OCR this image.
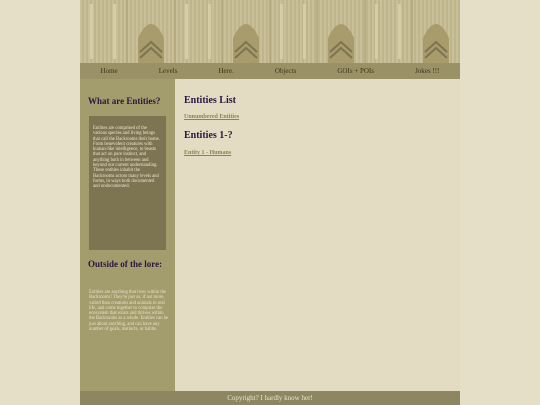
Home	Levels	Here.	Objects	GOIs + POIs	Jokes !!!
Copyright? I hardly know her!
What are Entities?

Entities are comprised of the various species and living beings that call the Backrooms their home. From benevolent creatures with human-like intelligence, to beasts that act on pure instinct, and anything both in between and beyond our current understanding. These entities inhabit the Backrooms across many levels and forms, in ways both documented and undocumented.

Outside of the lore:

Entities are anything that lives within the Backrooms! They're just as, if not more, varied than creatures and animals in real life, and come together to comprise the ecosystem that exists and thrives within the Backrooms as a whole. Entities can be just about anything, and can have any number of goals, instincts, or habits.

Entities List
Unnumbered Entities
Entities 1-?
Entity 1 - Humans
